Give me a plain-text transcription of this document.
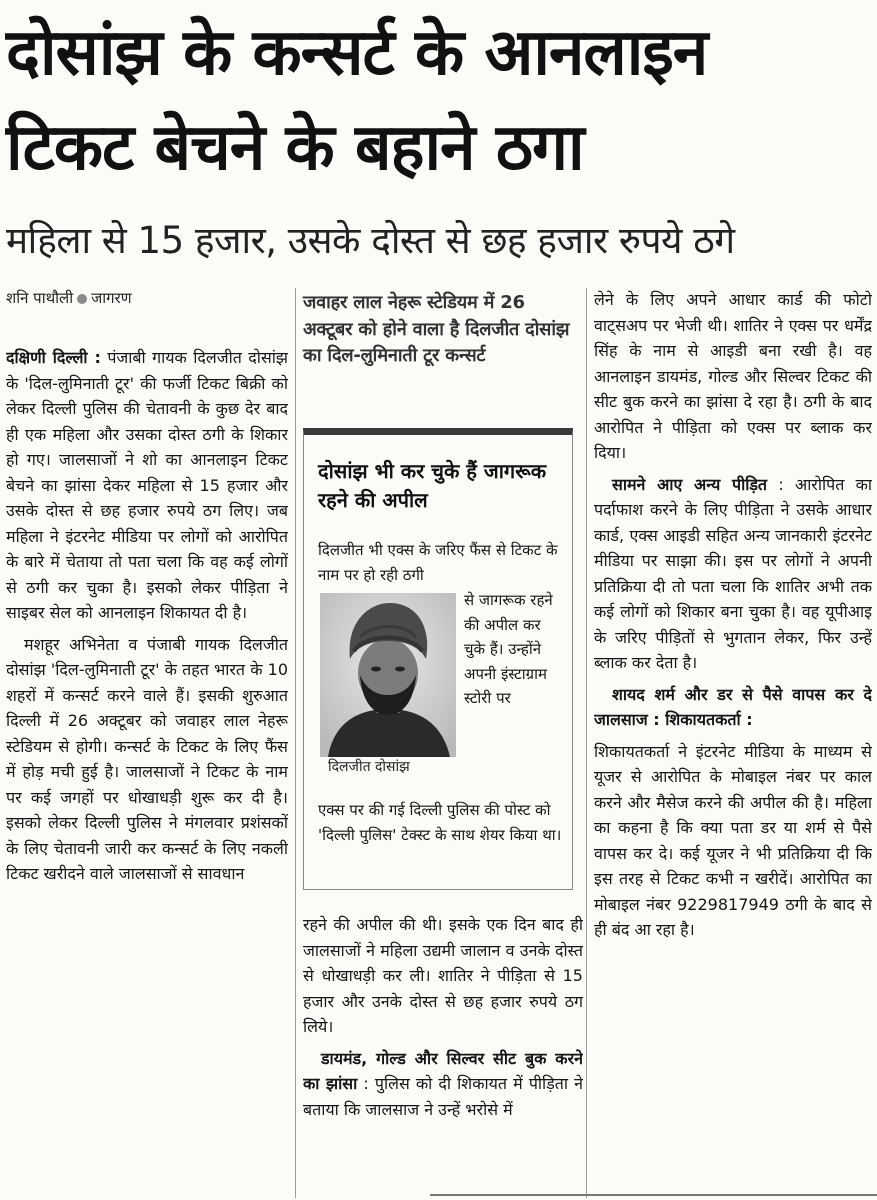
दोसांझ के कन्सर्ट के आनलाइन
टिकट बेचने के बहाने ठगा
महिला से 15 हजार, उसके दोस्त से छह हजार रुपये ठगे
शनि पाथौली जागरण

दक्षिणी दिल्ली : पंजाबी गायक दिलजीत दोसांझ के 'दिल-लुमिनाती टूर' की फर्जी टिकट बिक्री को लेकर दिल्ली पुलिस की चेतावनी के कुछ देर बाद ही एक महिला और उसका दोस्त ठगी के शिकार हो गए। जालसाजों ने शो का आनलाइन टिकट बेचने का झांसा देकर महिला से 15 हजार और उसके दोस्त से छह हजार रुपये ठग लिए। जब महिला ने इंटरनेट मीडिया पर लोगों को आरोपित के बारे में चेताया तो पता चला कि वह कई लोगों से ठगी कर चुका है। इसको लेकर पीड़िता ने साइबर सेल को आनलाइन शिकायत दी है।

मशहूर अभिनेता व पंजाबी गायक दिलजीत दोसांझ 'दिल-लुमिनाती टूर' के तहत भारत के 10 शहरों में कन्सर्ट करने वाले हैं। इसकी शुरुआत दिल्ली में 26 अक्टूबर को जवाहर लाल नेहरू स्टेडियम से होगी। कन्सर्ट के टिकट के लिए फैंस में होड़ मची हुई है। जालसाजों ने टिकट के नाम पर कई जगहों पर धोखाधड़ी शुरू कर दी है। इसको लेकर दिल्ली पुलिस ने मंगलवार प्रशंसकों के लिए चेतावनी जारी कर कन्सर्ट के लिए नकली टिकट खरीदने वाले जालसाजों से सावधान

जवाहर लाल नेहरू स्टेडियम में 26 अक्टूबर को होने वाला है दिलजीत दोसांझ का दिल-लुमिनाती टूर कन्सर्ट
दोसांझ भी कर चुके हैं जागरूक रहने की अपील
दिलजीत भी एक्स के जरिए फैंस से टिकट के नाम पर हो रही ठगी
दिलजीत दोसांझ
से जागरूक रहने की अपील कर चुके हैं। उन्होंने अपनी इंस्टाग्राम स्टोरी पर
एक्स पर की गई दिल्ली पुलिस की पोस्ट को 'दिल्ली पुलिस' टेक्स्ट के साथ शेयर किया था।

रहने की अपील की थी। इसके एक दिन बाद ही जालसाजों ने महिला उद्यमी जालान व उनके दोस्त से धोखाधड़ी कर ली। शातिर ने पीड़िता से 15 हजार और उनके दोस्त से छह हजार रुपये ठग लिये।

डायमंड, गोल्ड और सिल्वर सीट बुक करने का झांसा : पुलिस को दी शिकायत में पीड़िता ने बताया कि जालसाज ने उन्हें भरोसे में

लेने के लिए अपने आधार कार्ड की फोटो वाट्सअप पर भेजी थी। शातिर ने एक्स पर धर्मेंद्र सिंह के नाम से आइडी बना रखी है। वह आनलाइन डायमंड, गोल्ड और सिल्वर टिकट की सीट बुक करने का झांसा दे रहा है। ठगी के बाद आरोपित ने पीड़िता को एक्स पर ब्लाक कर दिया।

सामने आए अन्य पीड़ित : आरोपित का पर्दाफाश करने के लिए पीड़िता ने उसके आधार कार्ड, एक्स आइडी सहित अन्य जानकारी इंटरनेट मीडिया पर साझा की। इस पर लोगों ने अपनी प्रतिक्रिया दी तो पता चला कि शातिर अभी तक कई लोगों को शिकार बना चुका है। वह यूपीआइ के जरिए पीड़ितों से भुगतान लेकर, फिर उन्हें ब्लाक कर देता है।

शायद शर्म और डर से पैसे वापस कर दे जालसाज : शिकायतकर्ता :

शिकायतकर्ता ने इंटरनेट मीडिया के माध्यम से यूजर से आरोपित के मोबाइल नंबर पर काल करने और मैसेज करने की अपील की है। महिला का कहना है कि क्या पता डर या शर्म से पैसे वापस कर दे। कई यूजर ने भी प्रतिक्रिया दी कि इस तरह से टिकट कभी न खरीदें। आरोपित का मोबाइल नंबर 9229817949 ठगी के बाद से ही बंद आ रहा है।
